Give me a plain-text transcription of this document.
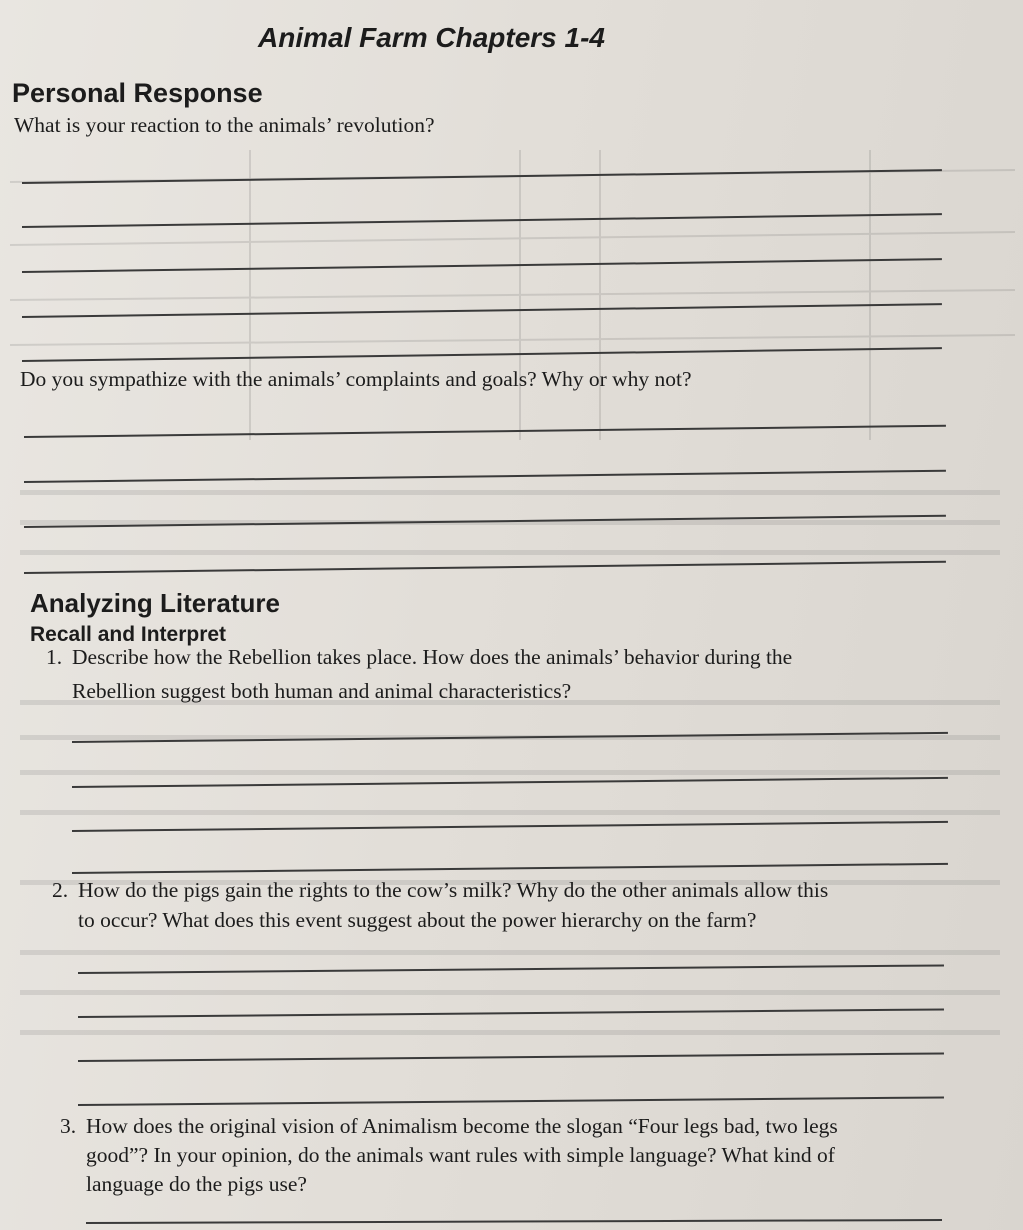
Animal Farm Chapters 1-4
Personal Response
What is your reaction to the animals’ revolution?
Do you sympathize with the animals’ complaints and goals? Why or why not?
Analyzing Literature
Recall and Interpret
1. Describe how the Rebellion takes place. How does the animals’ behavior during the
Rebellion suggest both human and animal characteristics?
2. How do the pigs gain the rights to the cow’s milk? Why do the other animals allow this
to occur? What does this event suggest about the power hierarchy on the farm?
3. How does the original vision of Animalism become the slogan “Four legs bad, two legs
good”? In your opinion, do the animals want rules with simple language? What kind of
language do the pigs use?
